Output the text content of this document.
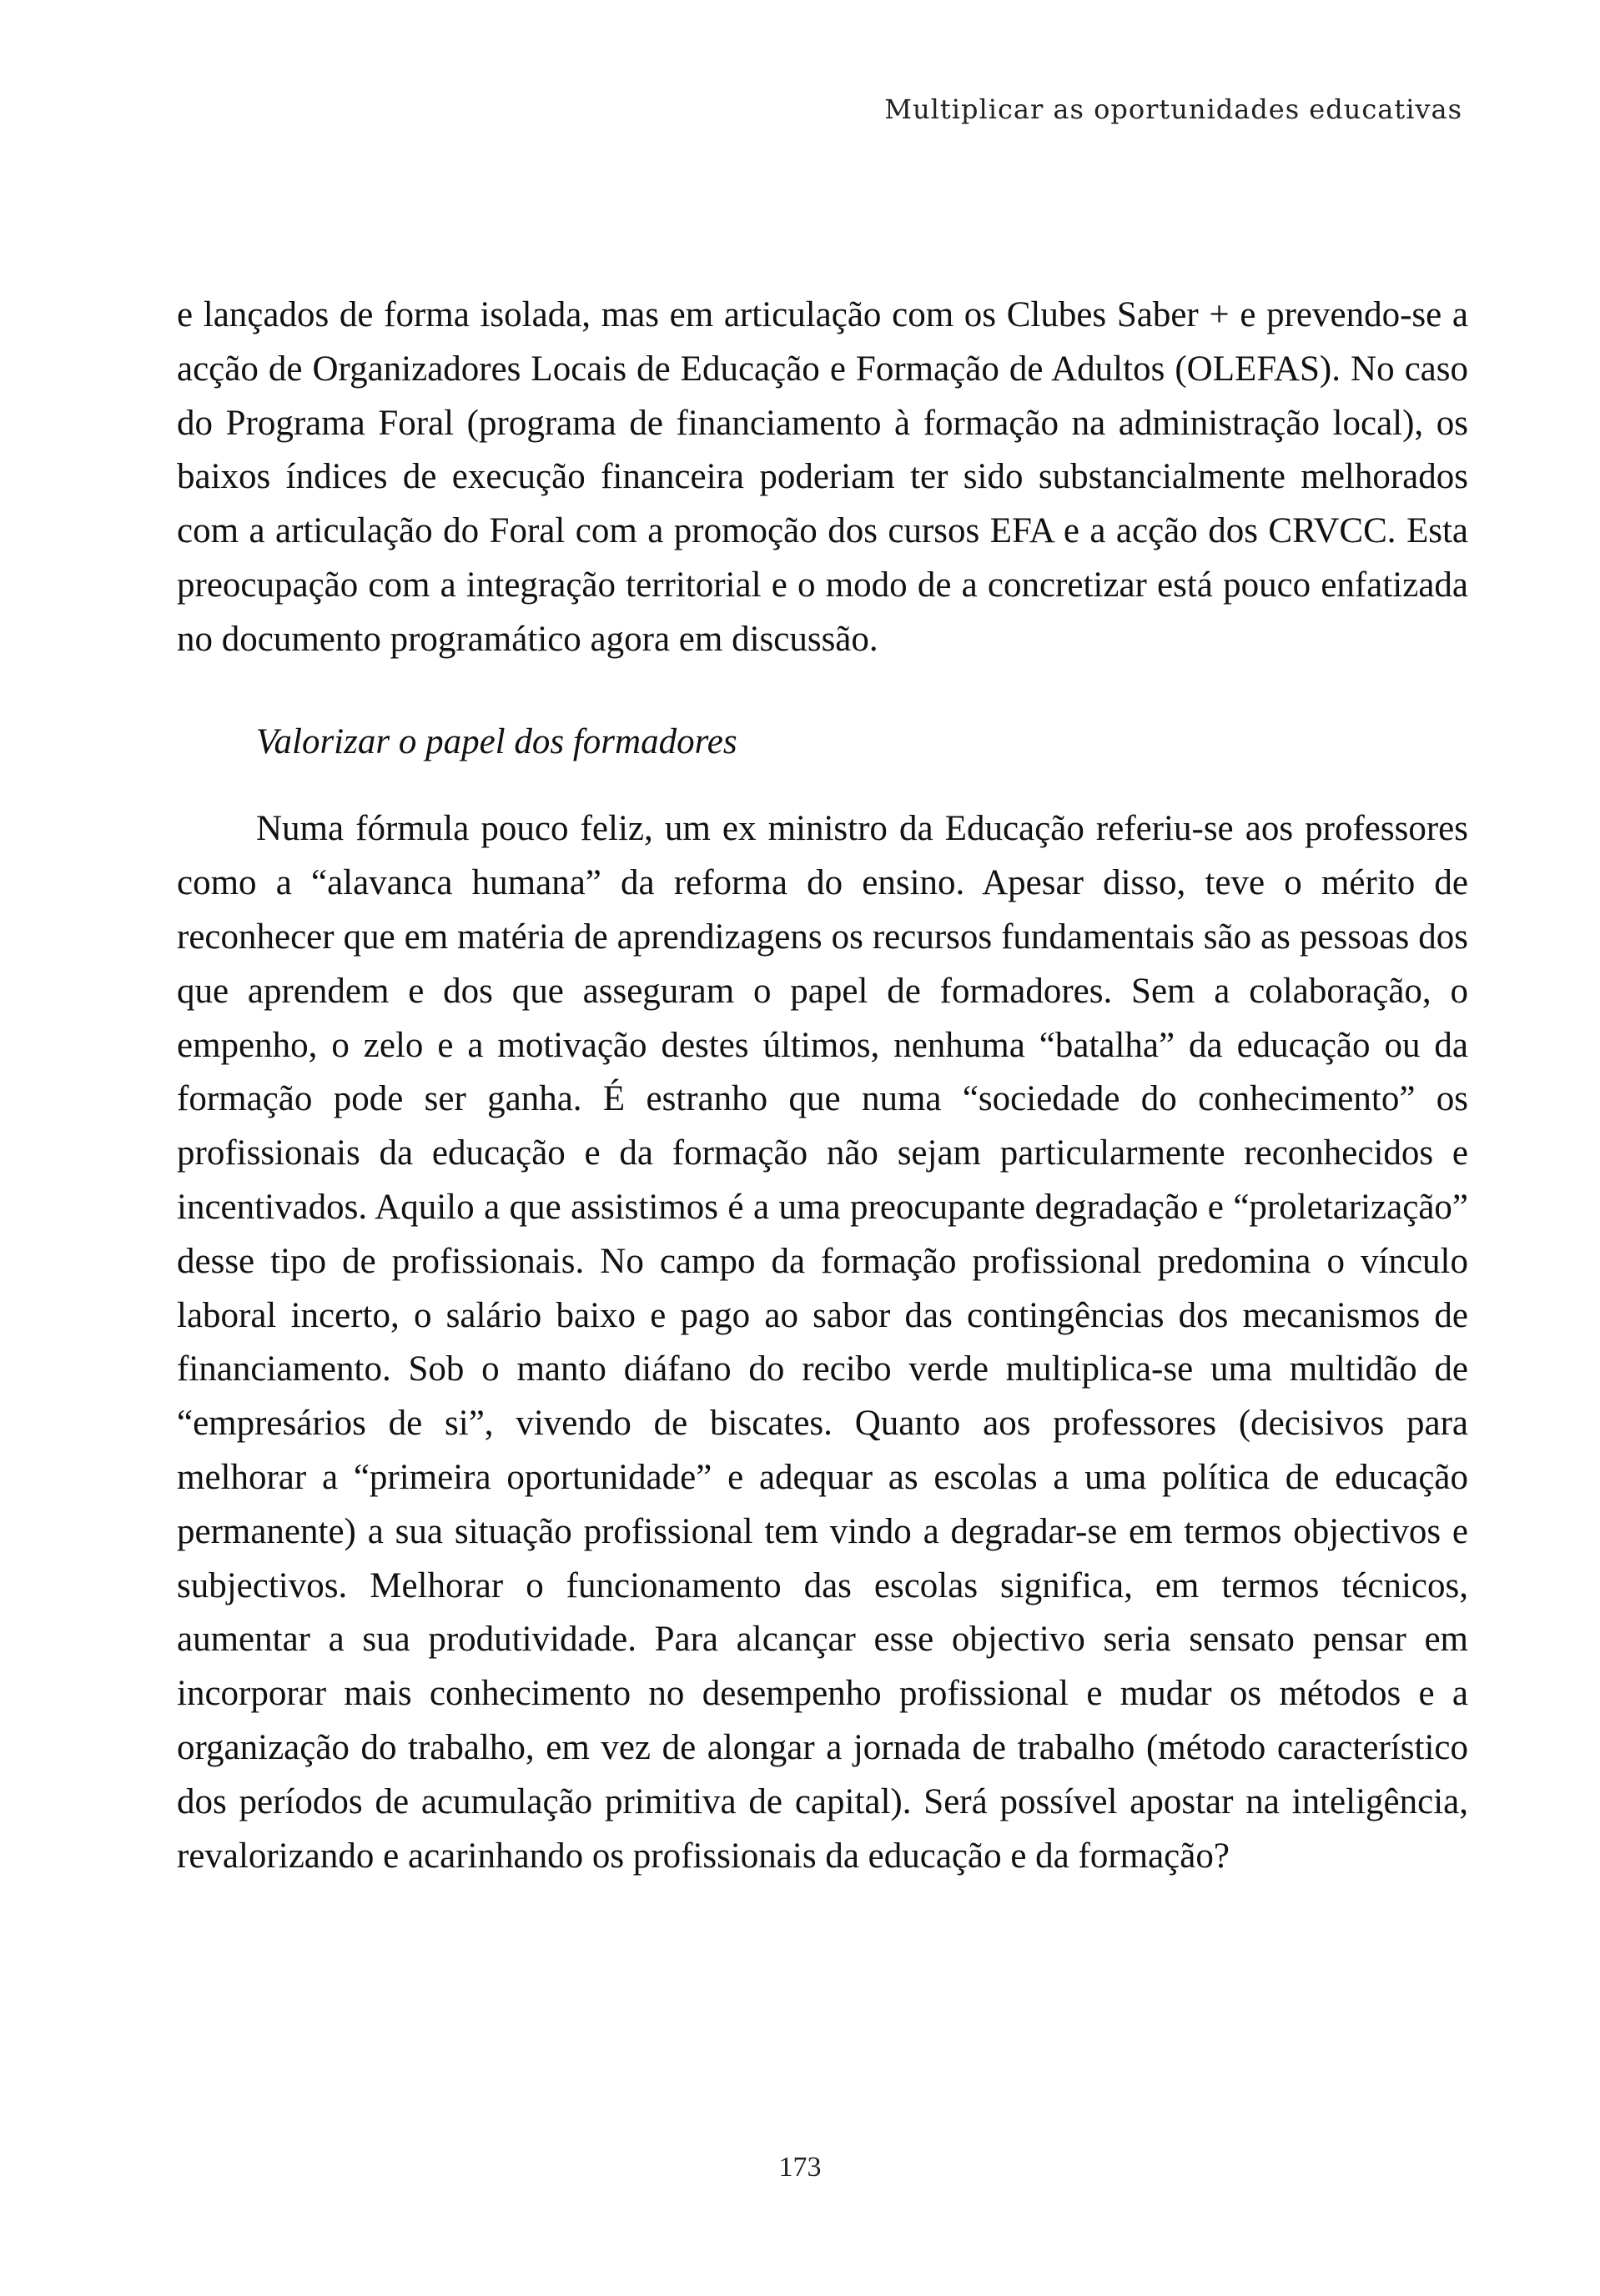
Multiplicar as oportunidades educativas

e lançados de forma isolada, mas em articulação com os Clubes Saber + e prevendo-se a acção de Organizadores Locais de Educação e Formação de Adultos (OLEFAS). No caso do Programa Foral (programa de financiamento à formação na administração local), os baixos índices de execução financeira poderiam ter sido substancialmente melhorados com a articulação do Foral com a promoção dos cursos EFA e a acção dos CRVCC. Esta preocupação com a integração territorial e o modo de a concretizar está pouco enfatizada no documento programático agora em discussão.

Valorizar o papel dos formadores

Numa fórmula pouco feliz, um ex ministro da Educação referiu-se aos professores como a “alavanca humana” da reforma do ensino. Apesar disso, teve o mérito de reconhecer que em matéria de aprendizagens os recursos fundamentais são as pessoas dos que aprendem e dos que asseguram o papel de formadores. Sem a colaboração, o empenho, o zelo e a motivação destes últimos, nenhuma “batalha” da educação ou da formação pode ser ganha. É estranho que numa “sociedade do conhecimento” os profissionais da educação e da formação não sejam particularmente reconhecidos e incentivados. Aquilo a que assistimos é a uma preocupante degradação e “proletarização” desse tipo de profissionais. No campo da formação profissional predomina o vínculo laboral incerto, o salário baixo e pago ao sabor das contingências dos mecanismos de financiamento. Sob o manto diáfano do recibo verde multiplica-se uma multidão de “empresários de si”, vivendo de biscates. Quanto aos professores (decisivos para melhorar a “primeira oportunidade” e adequar as escolas a uma política de educação permanente) a sua situação profissional tem vindo a degradar-se em termos objectivos e subjectivos. Melhorar o funcionamento das escolas significa, em termos técnicos, aumentar a sua produtividade. Para alcançar esse objectivo seria sensato pensar em incorporar mais conhecimento no desempenho profissional e mudar os métodos e a organização do trabalho, em vez de alongar a jornada de trabalho (método característico dos períodos de acumulação primitiva de capital). Será possível apostar na inteligência, revalorizando e acarinhando os profissionais da educação e da formação?

173
